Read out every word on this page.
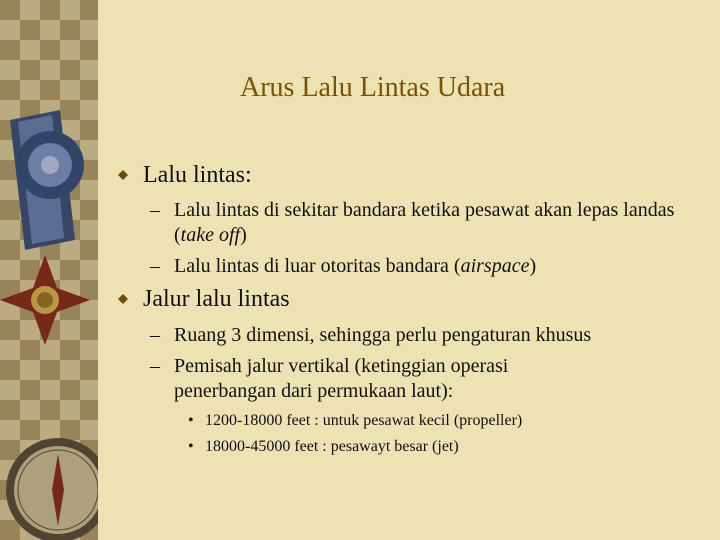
Arus Lalu Lintas Udara
Lalu lintas:
– Lalu lintas di sekitar bandara ketika pesawat akan lepas landas (take off)
– Lalu lintas di luar otoritas bandara (airspace)
Jalur lalu lintas
– Ruang 3 dimensi, sehingga perlu pengaturan khusus
– Pemisah jalur vertikal (ketinggian operasi penerbangan dari permukaan laut):
• 1200-18000 feet : untuk pesawat kecil (propeller)
• 18000-45000 feet : pesawayt besar (jet)
